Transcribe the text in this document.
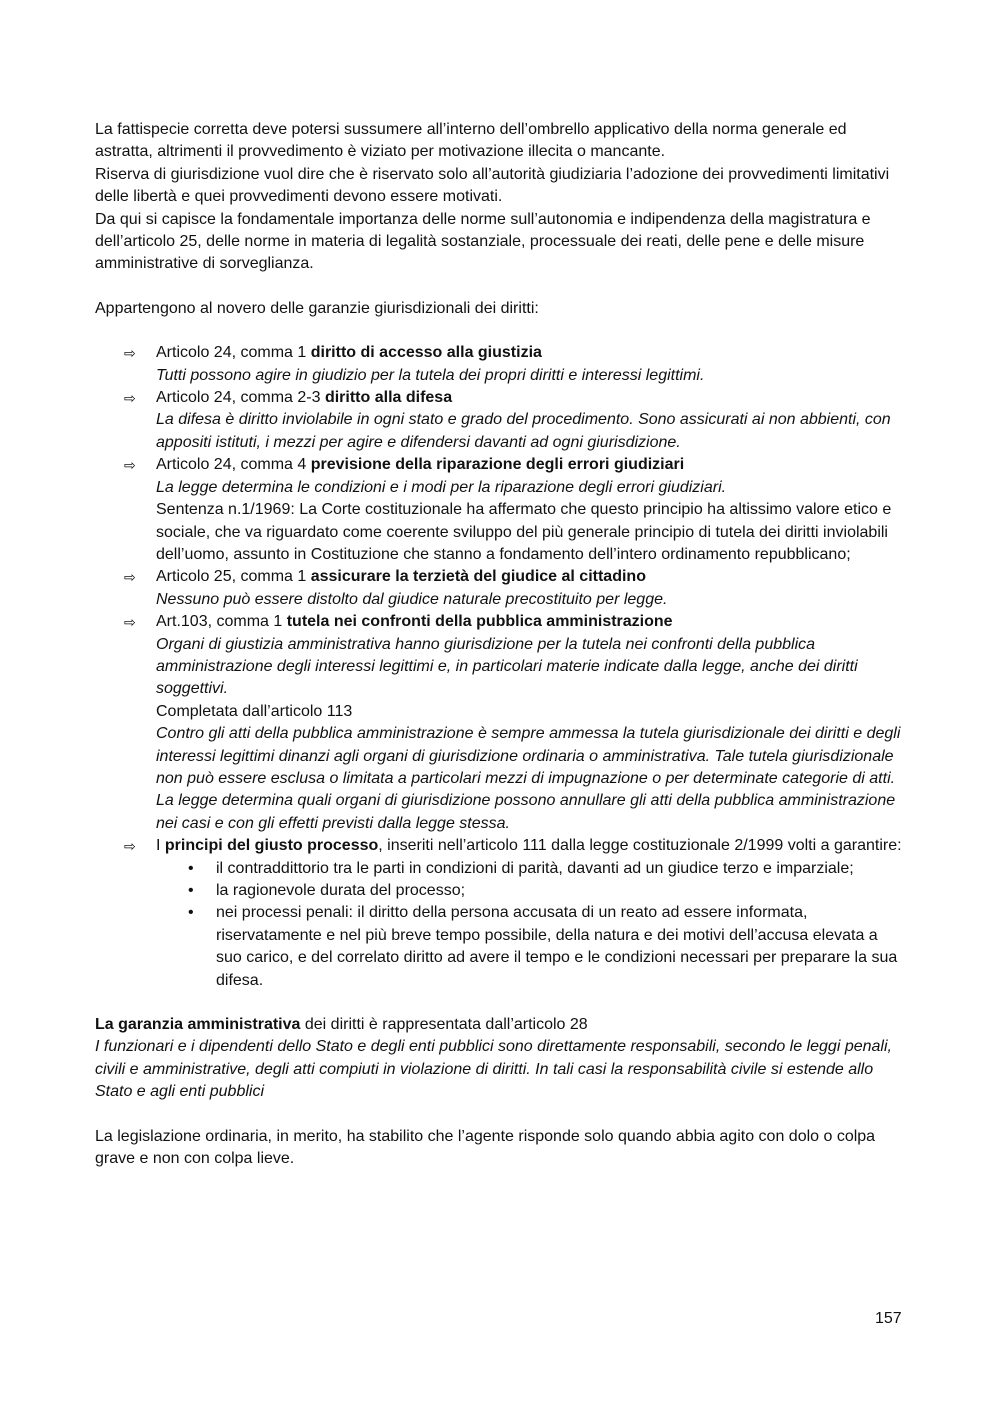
La fattispecie corretta deve potersi sussumere all’interno dell’ombrello applicativo della norma generale ed astratta, altrimenti il provvedimento è viziato per motivazione illecita o mancante.

Riserva di giurisdizione vuol dire che è riservato solo all’autorità giudiziaria l’adozione dei provvedimenti limitativi delle libertà e quei provvedimenti devono essere motivati.

Da qui si capisce la fondamentale importanza delle norme sull’autonomia e indipendenza della magistratura e dell’articolo 25, delle norme in materia di legalità sostanziale, processuale dei reati, delle pene e delle misure amministrative di sorveglianza.

Appartengono al novero delle garanzie giurisdizionali dei diritti:

⇨	Articolo 24, comma 1 diritto di accesso alla giustizia
Tutti possono agire in giudizio per la tutela dei propri diritti e interessi legittimi.
⇨	Articolo 24, comma 2-3 diritto alla difesa
La difesa è diritto inviolabile in ogni stato e grado del procedimento. Sono assicurati ai non abbienti, con appositi istituti, i mezzi per agire e difendersi davanti ad ogni giurisdizione.
⇨	Articolo 24, comma 4 previsione della riparazione degli errori giudiziari
La legge determina le condizioni e i modi per la riparazione degli errori giudiziari.
Sentenza n.1/1969: La Corte costituzionale ha affermato che questo principio ha altissimo valore etico e sociale, che va riguardato come coerente sviluppo del più generale principio di tutela dei diritti inviolabili dell’uomo, assunto in Costituzione che stanno a fondamento dell’intero ordinamento repubblicano;
⇨	Articolo 25, comma 1 assicurare la terzietà del giudice al cittadino
Nessuno può essere distolto dal giudice naturale precostituito per legge.
⇨	Art.103, comma 1 tutela nei confronti della pubblica amministrazione
Organi di giustizia amministrativa hanno giurisdizione per la tutela nei confronti della pubblica amministrazione degli interessi legittimi e, in particolari materie indicate dalla legge, anche dei diritti soggettivi.
Completata dall’articolo 113
Contro gli atti della pubblica amministrazione è sempre ammessa la tutela giurisdizionale dei diritti e degli interessi legittimi dinanzi agli organi di giurisdizione ordinaria o amministrativa. Tale tutela giurisdizionale non può essere esclusa o limitata a particolari mezzi di impugnazione o per determinate categorie di atti. La legge determina quali organi di giurisdizione possono annullare gli atti della pubblica amministrazione nei casi e con gli effetti previsti dalla legge stessa.
⇨	I principi del giusto processo, inseriti nell’articolo 111 dalla legge costituzionale 2/1999 volti a garantire:
• il contraddittorio tra le parti in condizioni di parità, davanti ad un giudice terzo e imparziale;
• la ragionevole durata del processo;
• nei processi penali: il diritto della persona accusata di un reato ad essere informata, riservatamente e nel più breve tempo possibile, della natura e dei motivi dell’accusa elevata a suo carico, e del correlato diritto ad avere il tempo e le condizioni necessari per preparare la sua difesa.

La garanzia amministrativa dei diritti è rappresentata dall’articolo 28

I funzionari e i dipendenti dello Stato e degli enti pubblici sono direttamente responsabili, secondo le leggi penali, civili e amministrative, degli atti compiuti in violazione di diritti. In tali casi la responsabilità civile si estende allo Stato e agli enti pubblici

La legislazione ordinaria, in merito, ha stabilito che l’agente risponde solo quando abbia agito con dolo o colpa grave e non con colpa lieve.

157
